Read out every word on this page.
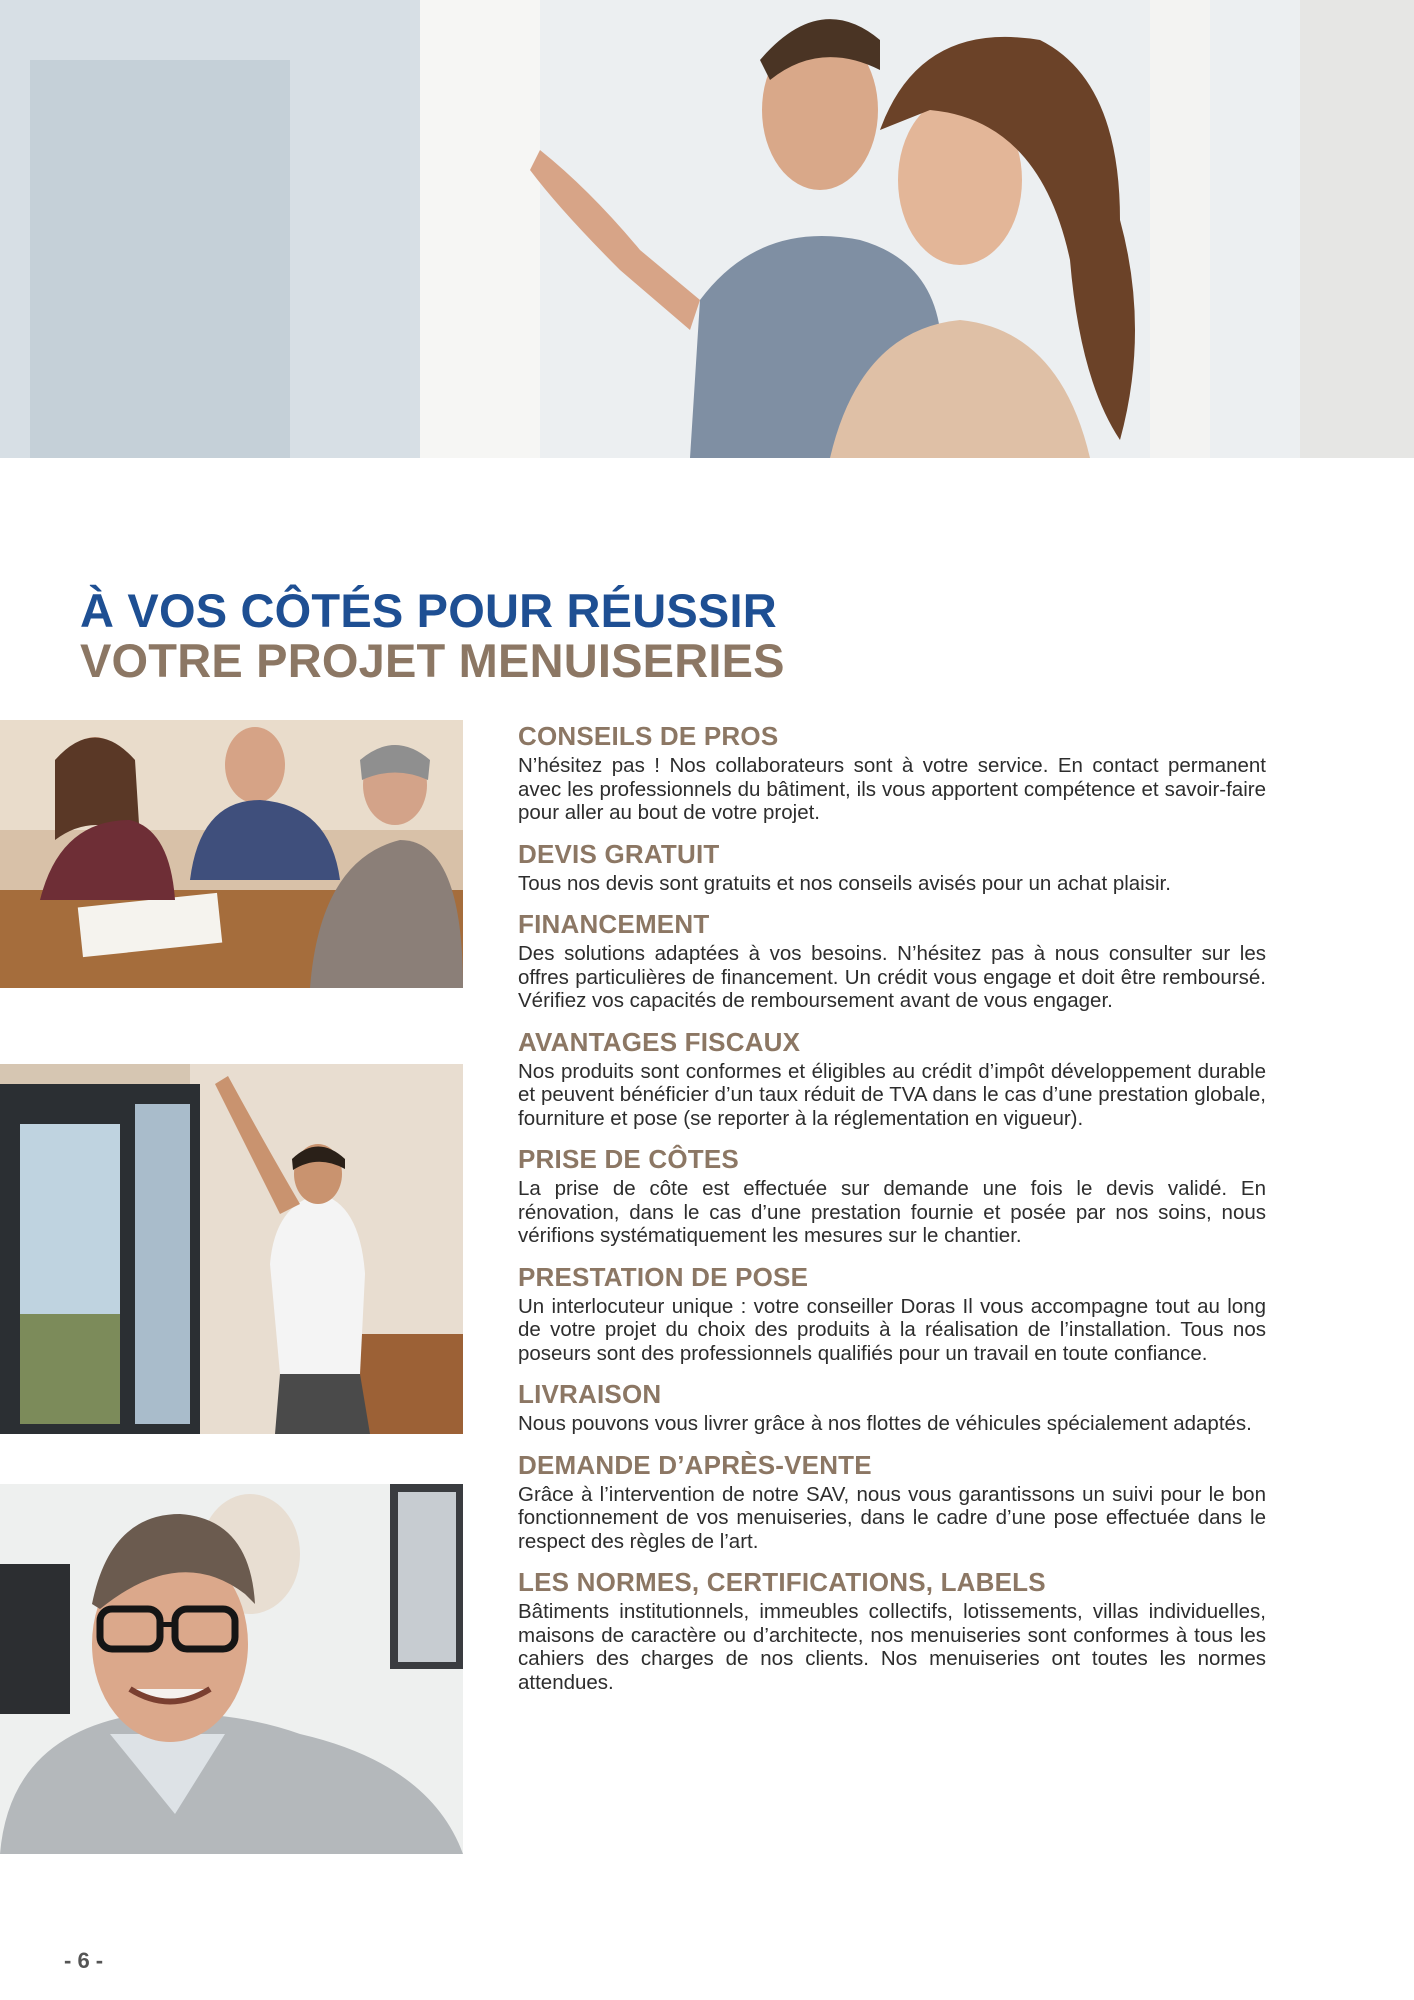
À VOS CÔTÉS POUR RÉUSSIR
VOTRE PROJET MENUISERIES
CONSEILS DE PROS

N’hésitez pas ! Nos collaborateurs sont à votre service. En contact permanent avec les professionnels du bâtiment, ils vous apportent compétence et savoir-faire pour aller au bout de votre projet.

DEVIS GRATUIT

Tous nos devis sont gratuits et nos conseils avisés pour un achat plaisir.

FINANCEMENT

Des solutions adaptées à vos besoins. N’hésitez pas à nous consulter sur les offres particulières de financement. Un crédit vous engage et doit être remboursé. Vérifiez vos capacités de remboursement avant de vous engager.

AVANTAGES FISCAUX

Nos produits sont conformes et éligibles au crédit d’impôt développement durable et peuvent bénéficier d’un taux réduit de TVA dans le cas d’une prestation globale, fourniture et pose (se reporter à la réglementation en vigueur).

PRISE DE CÔTES

La prise de côte est effectuée sur demande une fois le devis validé. En rénovation, dans le cas d’une prestation fournie et posée par nos soins, nous vérifions systématiquement les mesures sur le chantier.

PRESTATION DE POSE

Un interlocuteur unique : votre conseiller Doras Il vous accompagne tout au long de votre projet du choix des produits à la réalisation de l’installation. Tous nos poseurs sont des professionnels qualifiés pour un travail en toute confiance.

LIVRAISON

Nous pouvons vous livrer grâce à nos flottes de véhicules spécialement adaptés.

DEMANDE D’APRÈS-VENTE

Grâce à l’intervention de notre SAV, nous vous garantissons un suivi pour le bon fonctionnement de vos menuiseries, dans le cadre d’une pose effectuée dans le respect des règles de l’art.

LES NORMES, CERTIFICATIONS, LABELS

Bâtiments institutionnels, immeubles collectifs, lotissements, villas individuelles, maisons de caractère ou d’architecte, nos menuiseries sont conformes à tous les cahiers des charges de nos clients. Nos menuiseries ont toutes les normes attendues.

- 6 -
